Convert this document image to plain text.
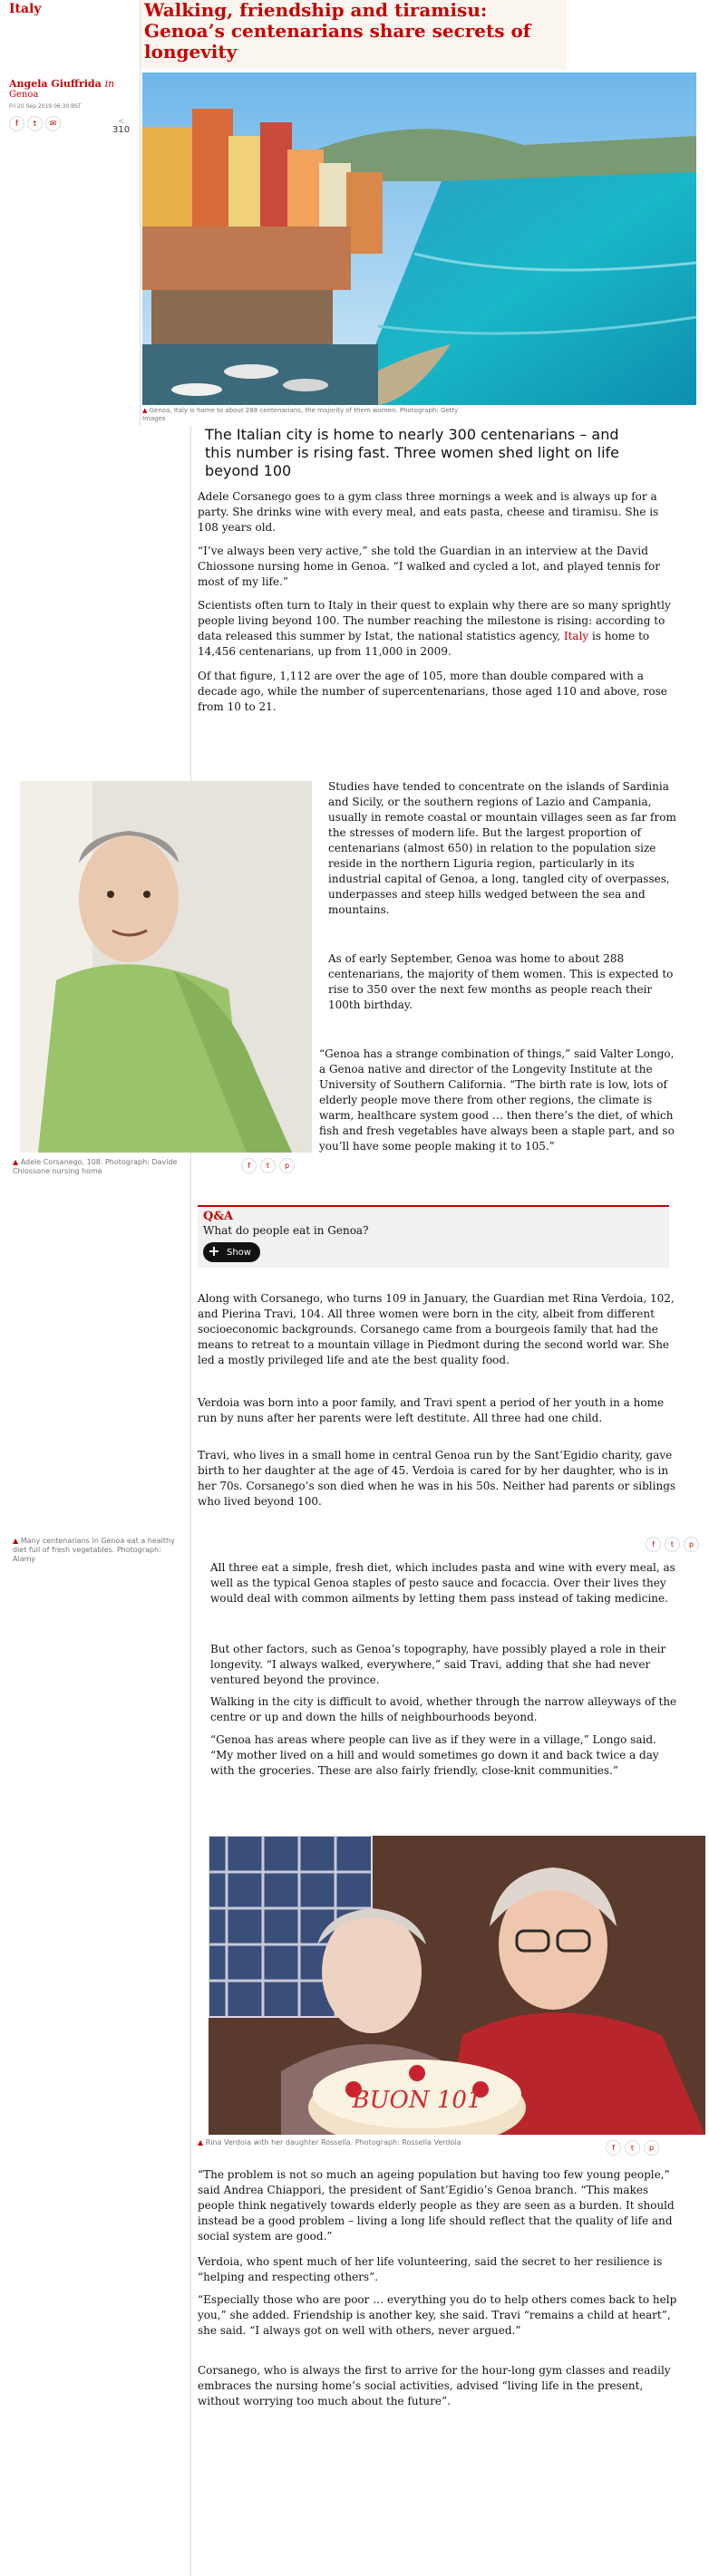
Italy
Angela Giuffrida in
Genoa
Fri 20 Sep 2019 06.30 BST
f	t	✉	<
310
Walking, friendship and tiramisu: Genoa’s centenarians share secrets of longevity
▲ Genoa, Italy is home to about 288 centenarians, the majority of them women. Photograph: Getty Images
The Italian city is home to nearly 300 centenarians – and this number is rising fast. Three women shed light on life beyond 100

Adele Corsanego goes to a gym class three mornings a week and is always up for a party. She drinks wine with every meal, and eats pasta, cheese and tiramisu. She is 108 years old.

“I’ve always been very active,” she told the Guardian in an interview at the David Chiossone nursing home in Genoa. “I walked and cycled a lot, and played tennis for most of my life.”

Scientists often turn to Italy in their quest to explain why there are so many sprightly people living beyond 100. The number reaching the milestone is rising: according to data released this summer by Istat, the national statistics agency, Italy is home to 14,456 centenarians, up from 11,000 in 2009.

Of that figure, 1,112 are over the age of 105, more than double compared with a decade ago, while the number of supercentenarians, those aged 110 and above, rose from 10 to 21.

Studies have tended to concentrate on the islands of Sardinia and Sicily, or the southern regions of Lazio and Campania, usually in remote coastal or mountain villages seen as far from the stresses of modern life. But the largest proportion of centenarians (almost 650) in relation to the population size reside in the northern Liguria region, particularly in its industrial capital of Genoa, a long, tangled city of overpasses, underpasses and steep hills wedged between the sea and mountains.

As of early September, Genoa was home to about 288 centenarians, the majority of them women. This is expected to rise to 350 over the next few months as people reach their 100th birthday.

▲ Adele Corsanego, 108. Photograph: Davide Chiossone nursing home
f	t	p

“Genoa has a strange combination of things,” said Valter Longo, a Genoa native and director of the Longevity Institute at the University of Southern California. “The birth rate is low, lots of elderly people move there from other regions, the climate is warm, healthcare system good … then there’s the diet, of which fish and fresh vegetables have always been a staple part, and so you’ll have some people making it to 105.”

Q&A
What do people eat in Genoa?
+ Show

Along with Corsanego, who turns 109 in January, the Guardian met Rina Verdoia, 102, and Pierina Travi, 104. All three women were born in the city, albeit from different socioeconomic backgrounds. Corsanego came from a bourgeois family that had the means to retreat to a mountain village in Piedmont during the second world war. She led a mostly privileged life and ate the best quality food.

Verdoia was born into a poor family, and Travi spent a period of her youth in a home run by nuns after her parents were left destitute. All three had one child.

Travi, who lives in a small home in central Genoa run by the Sant’Egidio charity, gave birth to her daughter at the age of 45. Verdoia is cared for by her daughter, who is in her 70s. Corsanego’s son died when he was in his 50s. Neither had parents or siblings who lived beyond 100.

▲ Many centenarians in Genoa eat a healthy diet full of fresh vegetables. Photograph: Alamy
f	t	p

All three eat a simple, fresh diet, which includes pasta and wine with every meal, as well as the typical Genoa staples of pesto sauce and focaccia. Over their lives they would deal with common ailments by letting them pass instead of taking medicine.

But other factors, such as Genoa’s topography, have possibly played a role in their longevity. “I always walked, everywhere,” said Travi, adding that she had never ventured beyond the province.

Walking in the city is difficult to avoid, whether through the narrow alleyways of the centre or up and down the hills of neighbourhoods beyond.

“Genoa has areas where people can live as if they were in a village,” Longo said. “My mother lived on a hill and would sometimes go down it and back twice a day with the groceries. These are also fairly friendly, close-knit communities.”

BUON 101
▲ Rina Verdoia with her daughter Rossella. Photograph: Rossella Verdoia
f	t	p

“The problem is not so much an ageing population but having too few young people,” said Andrea Chiappori, the president of Sant’Egidio’s Genoa branch. “This makes people think negatively towards elderly people as they are seen as a burden. It should instead be a good problem – living a long life should reflect that the quality of life and social system are good.”

Verdoia, who spent much of her life volunteering, said the secret to her resilience is “helping and respecting others”.

“Especially those who are poor … everything you do to help others comes back to help you,” she added. Friendship is another key, she said. Travi “remains a child at heart”, she said. “I always got on well with others, never argued.”

Corsanego, who is always the first to arrive for the hour-long gym classes and readily embraces the nursing home’s social activities, advised “living life in the present, without worrying too much about the future”.
